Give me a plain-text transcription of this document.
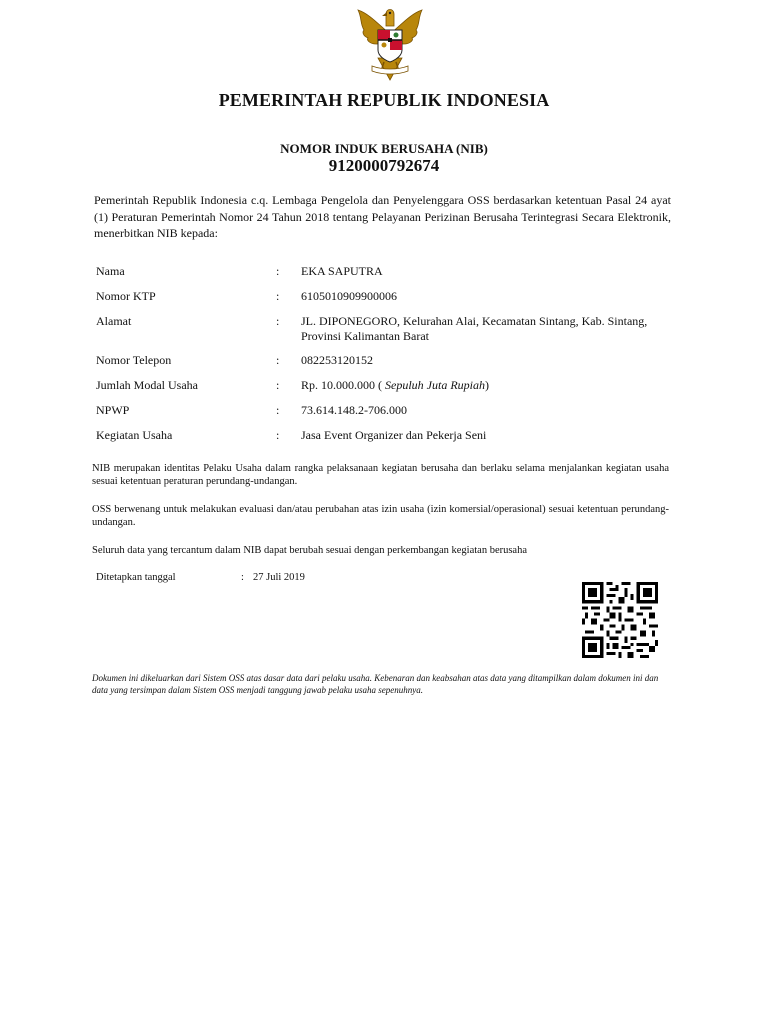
PEMERINTAH REPUBLIK INDONESIA
NOMOR INDUK BERUSAHA (NIB)
9120000792674
Pemerintah Republik Indonesia c.q. Lembaga Pengelola dan Penyelenggara OSS berdasarkan ketentuan Pasal 24 ayat (1) Peraturan Pemerintah Nomor 24 Tahun 2018 tentang Pelayanan Perizinan Berusaha Terintegrasi Secara Elektronik, menerbitkan NIB kepada:
Nama	:	EKA SAPUTRA
Nomor KTP	:	6105010909900006
Alamat	:	JL. DIPONEGORO, Kelurahan Alai, Kecamatan Sintang, Kab. Sintang, Provinsi Kalimantan Barat
Nomor Telepon	:	082253120152
Jumlah Modal Usaha	:	Rp. 10.000.000 ( Sepuluh Juta Rupiah)
NPWP	:	73.614.148.2-706.000
Kegiatan Usaha	:	Jasa Event Organizer dan Pekerja Seni
NIB merupakan identitas Pelaku Usaha dalam rangka pelaksanaan kegiatan berusaha dan berlaku selama menjalankan kegiatan usaha sesuai ketentuan peraturan perundang-undangan.
OSS berwenang untuk melakukan evaluasi dan/atau perubahan atas izin usaha (izin komersial/operasional) sesuai ketentuan perundang-undangan.
Seluruh data yang tercantum dalam NIB dapat berubah sesuai dengan perkembangan kegiatan berusaha
Ditetapkan tanggal	: 27 Juli 2019
Dokumen ini dikeluarkan dari Sistem OSS atas dasar data dari pelaku usaha. Kebenaran dan keabsahan atas data yang ditampilkan dalam dokumen ini dan data yang tersimpan dalam Sistem OSS menjadi tanggung jawab pelaku usaha sepenuhnya.
